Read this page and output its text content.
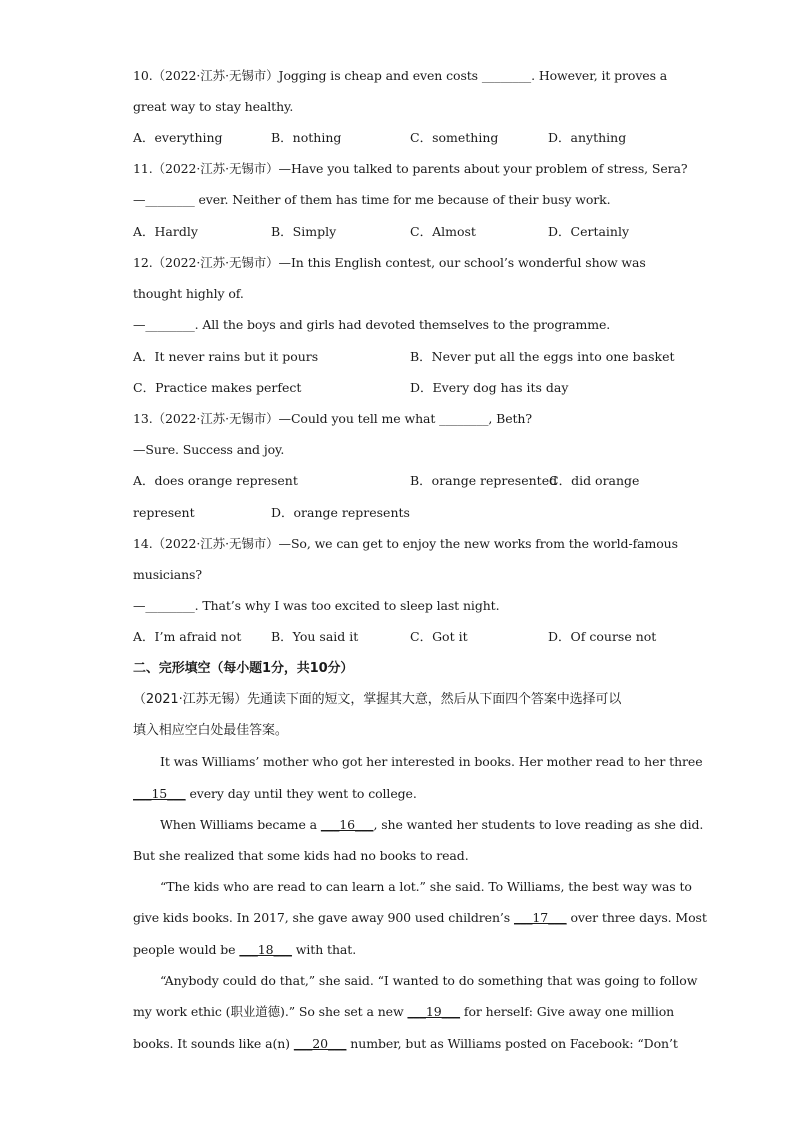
10.（2022·江苏·无锡市）Jogging is cheap and even costs ________. However, it proves a
great way to stay healthy.
A．everything	B．nothing	C．something	D．anything
11.（2022·江苏·无锡市）—Have you talked to parents about your problem of stress, Sera?
—________ ever. Neither of them has time for me because of their busy work.
A．Hardly	B．Simply	C．Almost	D．Certainly
12.（2022·江苏·无锡市）—In this English contest, our school’s wonderful show was
thought highly of.
—________. All the boys and girls had devoted themselves to the programme.
A．It never rains but it pours	B．Never put all the eggs into one basket
C．Practice makes perfect	D．Every dog has its day
13.（2022·江苏·无锡市）—Could you tell me what ________, Beth?
—Sure. Success and joy.
A．does orange represent	B．orange represented
C．did orange
represent	D．orange represents
14.（2022·江苏·无锡市）—So, we can get to enjoy the new works from the world-famous
musicians?
—________. That’s why I was too excited to sleep last night.
A．I’m afraid not B．You said it	C．Got it	D．Of course not
二、完形填空（每小题1分，共10分）
（2021·江苏无锡）先通读下面的短文，掌握其大意，然后从下面四个答案中选择可以
填入相应空白处最佳答案。
It was Williams’ mother who got her interested in books. Her mother read to her three
___15___ every day until they went to college.
When Williams became a ___16___, she wanted her students to love reading as she did.
But she realized that some kids had no books to read.
“The kids who are read to can learn a lot.” she said. To Williams, the best way was to
give kids books. In 2017, she gave away 900 used children’s ___17___ over three days. Most
people would be ___18___ with that.
“Anybody could do that,” she said. “I wanted to do something that was going to follow
my work ethic (职业道德).” So she set a new ___19___ for herself: Give away one million
books. It sounds like a(n) ___20___ number, but as Williams posted on Facebook: “Don’t
